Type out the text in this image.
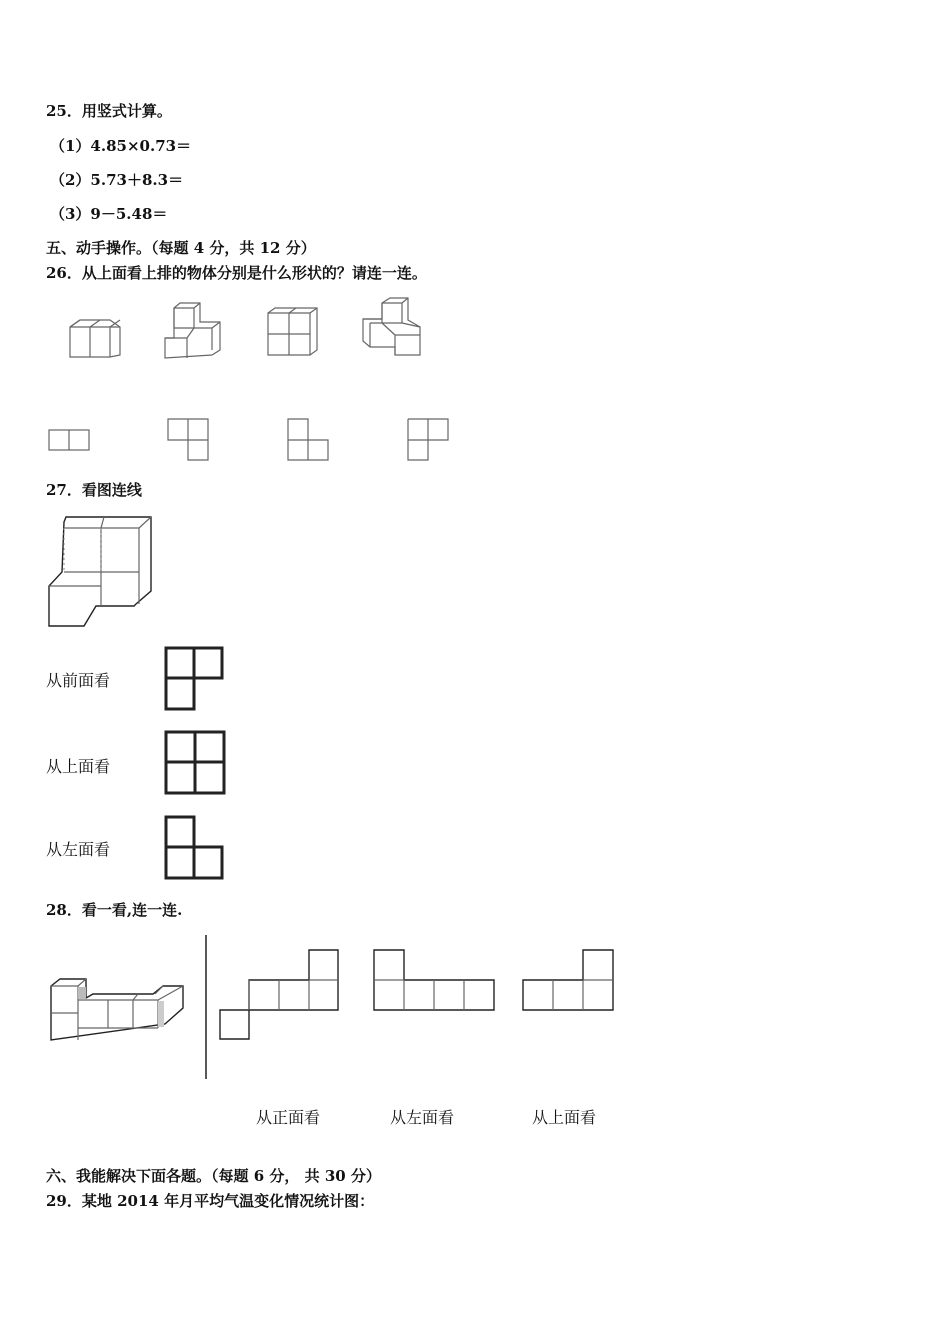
25．用竖式计算。
（1）4.85×0.73＝
（2）5.73＋8.3＝
（3）9－5.48＝
五、动手操作。（每题 4 分，共 12 分）
26．从上面看上排的物体分别是什么形状的？请连一连。
27．看图连线
从前面看
从上面看
从左面看
28．看一看,连一连.
从正面看	从左面看	从上面看
六、我能解决下面各题。（每题 6 分， 共 30 分）
29．某地 2014 年月平均气温变化情况统计图：
